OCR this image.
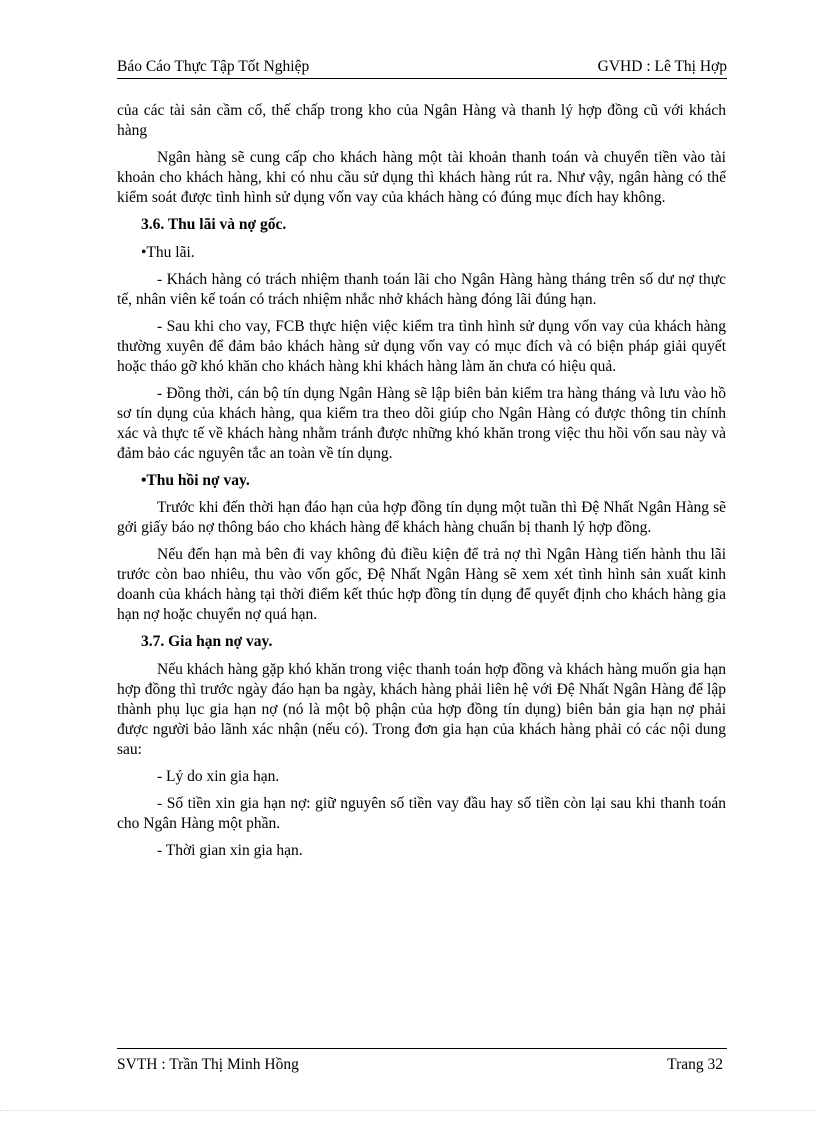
Báo Cáo Thực Tập Tốt Nghiệp	GVHD : Lê Thị Hợp

của các tài sản cầm cố, thế chấp trong kho của Ngân Hàng và thanh lý hợp đồng cũ với khách hàng

Ngân hàng sẽ cung cấp cho khách hàng một tài khoản thanh toán và chuyển tiền vào tài khoản cho khách hàng, khi có nhu cầu sử dụng thì khách hàng rút ra. Như vậy, ngân hàng có thể kiểm soát được tình hình sử dụng vốn vay của khách hàng có đúng mục đích hay không.

3.6. Thu lãi và nợ gốc.

•Thu lãi.

- Khách hàng có trách nhiệm thanh toán lãi cho Ngân Hàng hàng tháng trên số dư nợ thực tế, nhân viên kế toán có trách nhiệm nhắc nhở khách hàng đóng lãi đúng hạn.

- Sau khi cho vay, FCB thực hiện việc kiểm tra tình hình sử dụng vốn vay của khách hàng thường xuyên để đảm bảo khách hàng sử dụng vốn vay có mục đích và có biện pháp giải quyết hoặc tháo gỡ khó khăn cho khách hàng khi khách hàng làm ăn chưa có hiệu quả.

- Đồng thời, cán bộ tín dụng Ngân Hàng sẽ lập biên bản kiểm tra hàng tháng và lưu vào hồ sơ tín dụng của khách hàng, qua kiểm tra theo dõi giúp cho Ngân Hàng có được thông tin chính xác và thực tế về khách hàng nhằm tránh được những khó khăn trong việc thu hồi vốn sau này và đảm bảo các nguyên tắc an toàn về tín dụng.

•Thu hồi nợ vay.

Trước khi đến thời hạn đáo hạn của hợp đồng tín dụng một tuần thì Đệ Nhất Ngân Hàng sẽ gởi giấy báo nợ thông báo cho khách hàng để khách hàng chuẩn bị thanh lý hợp đồng.

Nếu đến hạn mà bên đi vay không đủ điều kiện để trả nợ thì Ngân Hàng tiến hành thu lãi trước còn bao nhiêu, thu vào vốn gốc, Đệ Nhất Ngân Hàng sẽ xem xét tình hình sản xuất kinh doanh của khách hàng tại thời điểm kết thúc hợp đồng tín dụng để quyết định cho khách hàng gia hạn nợ hoặc chuyển nợ quá hạn.

3.7. Gia hạn nợ vay.

Nếu khách hàng gặp khó khăn trong việc thanh toán hợp đồng và khách hàng muốn gia hạn hợp đồng thì trước ngày đáo hạn ba ngày, khách hàng phải liên hệ với Đệ Nhất Ngân Hàng để lập thành phụ lục gia hạn nợ (nó là một bộ phận của hợp đồng tín dụng) biên bản gia hạn nợ phải được người bảo lãnh xác nhận (nếu có). Trong đơn gia hạn của khách hàng phải có các nội dung sau:

- Lý do xin gia hạn.

- Số tiền xin gia hạn nợ: giữ nguyên số tiền vay đầu hay số tiền còn lại sau khi thanh toán cho Ngân Hàng một phần.

- Thời gian xin gia hạn.

SVTH : Trần Thị Minh Hồng	Trang 32
